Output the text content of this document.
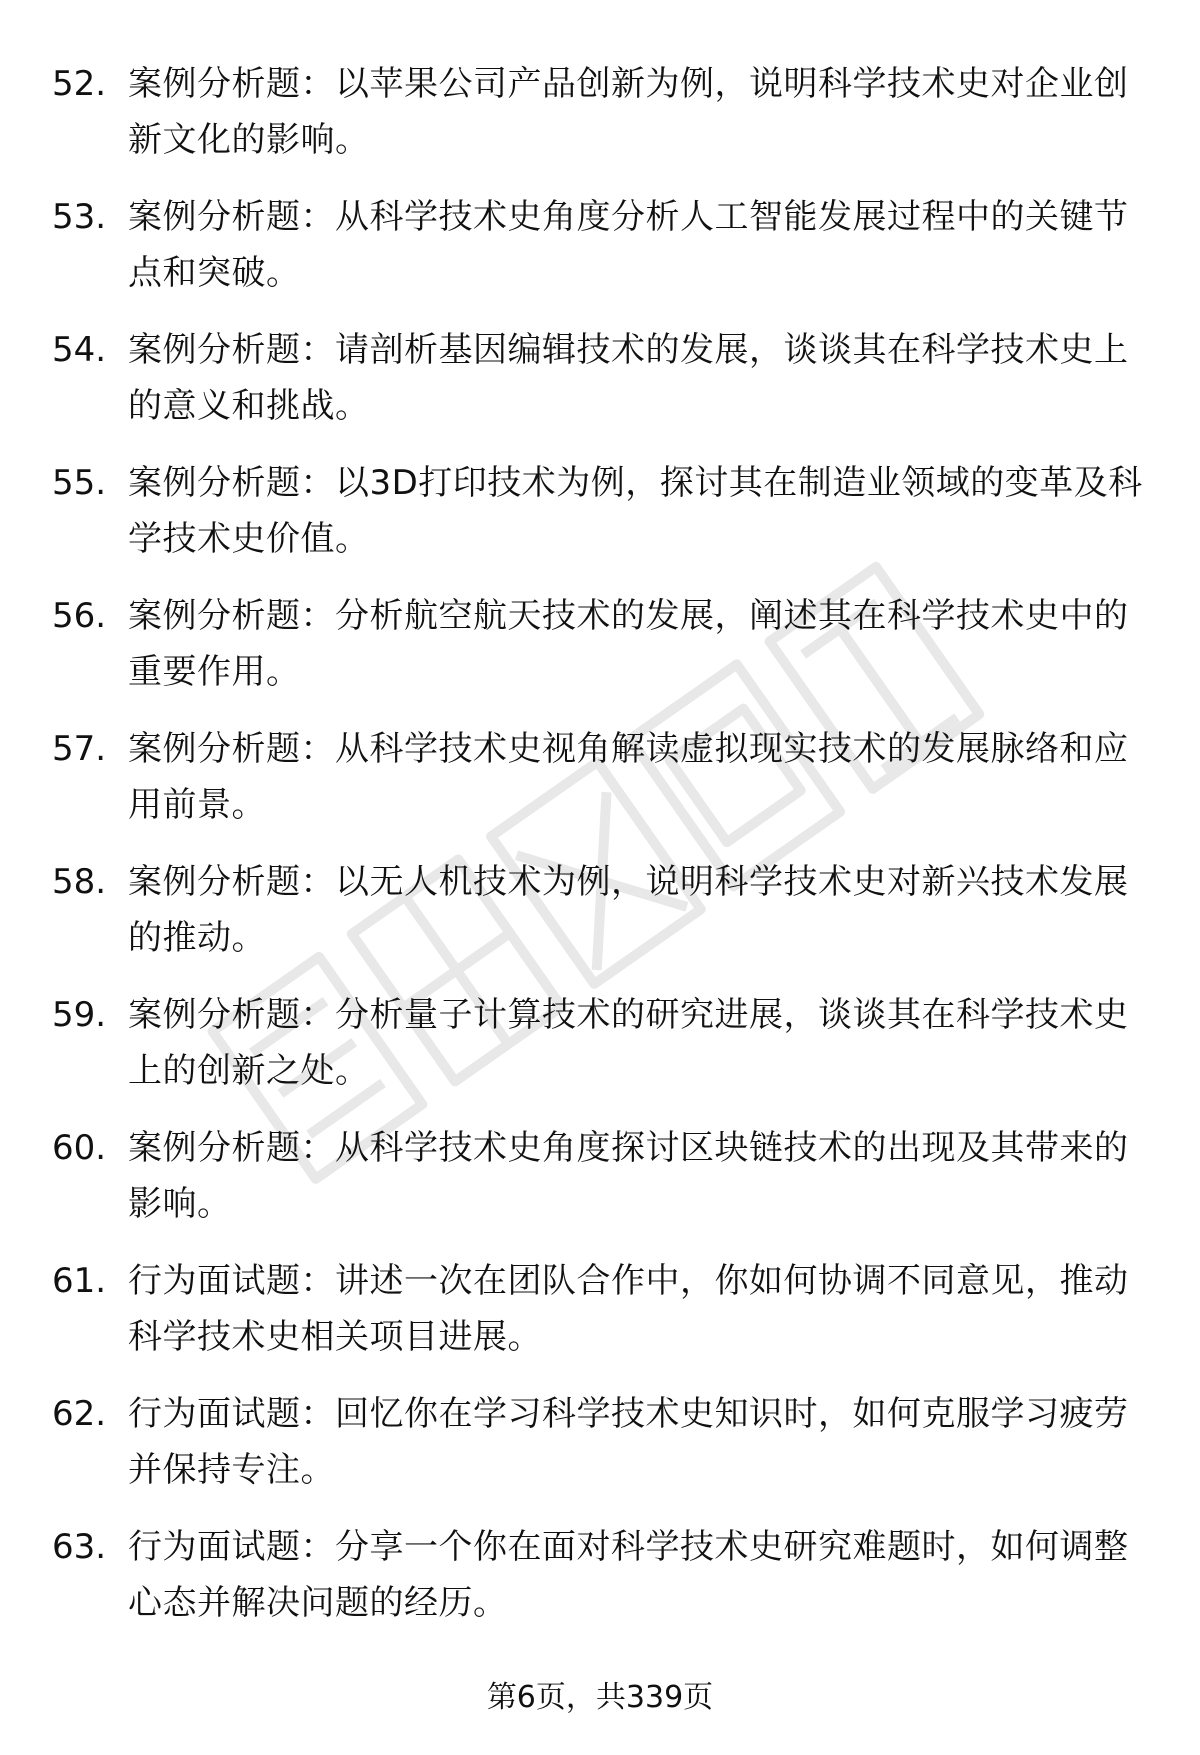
52. 案例分析题：以苹果公司产品创新为例，说明科学技术史对企业创新文化的影响。
53. 案例分析题：从科学技术史角度分析人工智能发展过程中的关键节点和突破。
54. 案例分析题：请剖析基因编辑技术的发展，谈谈其在科学技术史上的意义和挑战。
55. 案例分析题：以3D打印技术为例，探讨其在制造业领域的变革及科学技术史价值。
56. 案例分析题：分析航空航天技术的发展，阐述其在科学技术史中的重要作用。
57. 案例分析题：从科学技术史视角解读虚拟现实技术的发展脉络和应用前景。
58. 案例分析题：以无人机技术为例，说明科学技术史对新兴技术发展的推动。
59. 案例分析题：分析量子计算技术的研究进展，谈谈其在科学技术史上的创新之处。
60. 案例分析题：从科学技术史角度探讨区块链技术的出现及其带来的影响。
61. 行为面试题：讲述一次在团队合作中，你如何协调不同意见，推动科学技术史相关项目进展。
62. 行为面试题：回忆你在学习科学技术史知识时，如何克服学习疲劳并保持专注。
63. 行为面试题：分享一个你在面对科学技术史研究难题时，如何调整心态并解决问题的经历。
第6页，共339页
